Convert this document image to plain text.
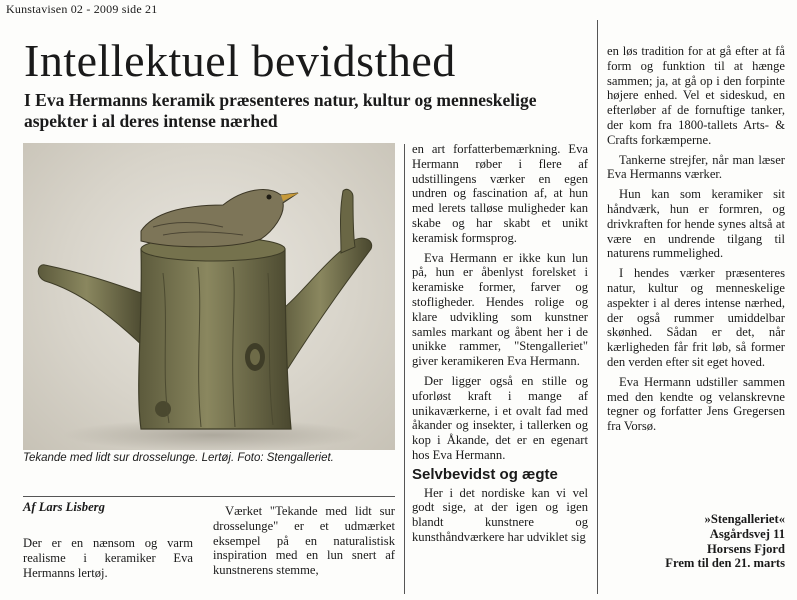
Kunstavisen 02 - 2009 side 21
Intellektuel bevidsthed
I Eva Hermanns keramik præsenteres natur, kultur og menneskelige aspekter i al deres intense nærhed
Tekande med lidt sur drosselunge. Lertøj. Foto: Stengalleriet.
Af Lars Lisberg

Der er en nænsom og varm realisme i keramiker Eva Hermanns lertøj.

Værket "Tekande med lidt sur drosselunge" er et udmærket eksempel på en naturalistisk inspiration med en lun snert af kunstnerens stemme,

en art forfatterbemærkning. Eva Hermann røber i flere af udstillingens værker en egen undren og fascination af, at hun med lerets talløse muligheder kan skabe og har skabt et unikt keramisk formsprog.

Eva Hermann er ikke kun lun på, hun er åbenlyst forelsket i keramiske former, farver og stofligheder. Hendes rolige og klare udvikling som kunstner samles markant og åbent her i de unikke rammer, "Stengalleriet" giver keramikeren Eva Hermann.

Der ligger også en stille og uforløst kraft i mange af unikaværkerne, i et ovalt fad med åkander og insekter, i tallerken og kop i Åkande, det er en egenart hos Eva Hermann.

Selvbevidst og ægte

Her i det nordiske kan vi vel godt sige, at der igen og igen blandt kunstnere og kunsthåndværkere har udviklet sig

en løs tradition for at gå efter at få form og funktion til at hænge sammen; ja, at gå op i den forpinte højere enhed. Vel et sideskud, en efterløber af de fornuftige tanker, der kom fra 1800-tallets Arts- & Crafts forkæmperne.

Tankerne strejfer, når man læser Eva Hermanns værker.

Hun kan som keramiker sit håndværk, hun er formren, og drivkraften for hende synes altså at være en undrende tilgang til naturens rummelighed.

I hendes værker præsenteres natur, kultur og menneskelige aspekter i al deres intense nærhed, der også rummer umiddelbar skønhed. Sådan er det, når kærligheden får frit løb, så former den verden efter sit eget hoved.

Eva Hermann udstiller sammen med den kendte og velanskrevne tegner og forfatter Jens Gregersen fra Vorsø.

»Stengalleriet«
Asgårdsvej 11
Horsens Fjord
Frem til den 21. marts
